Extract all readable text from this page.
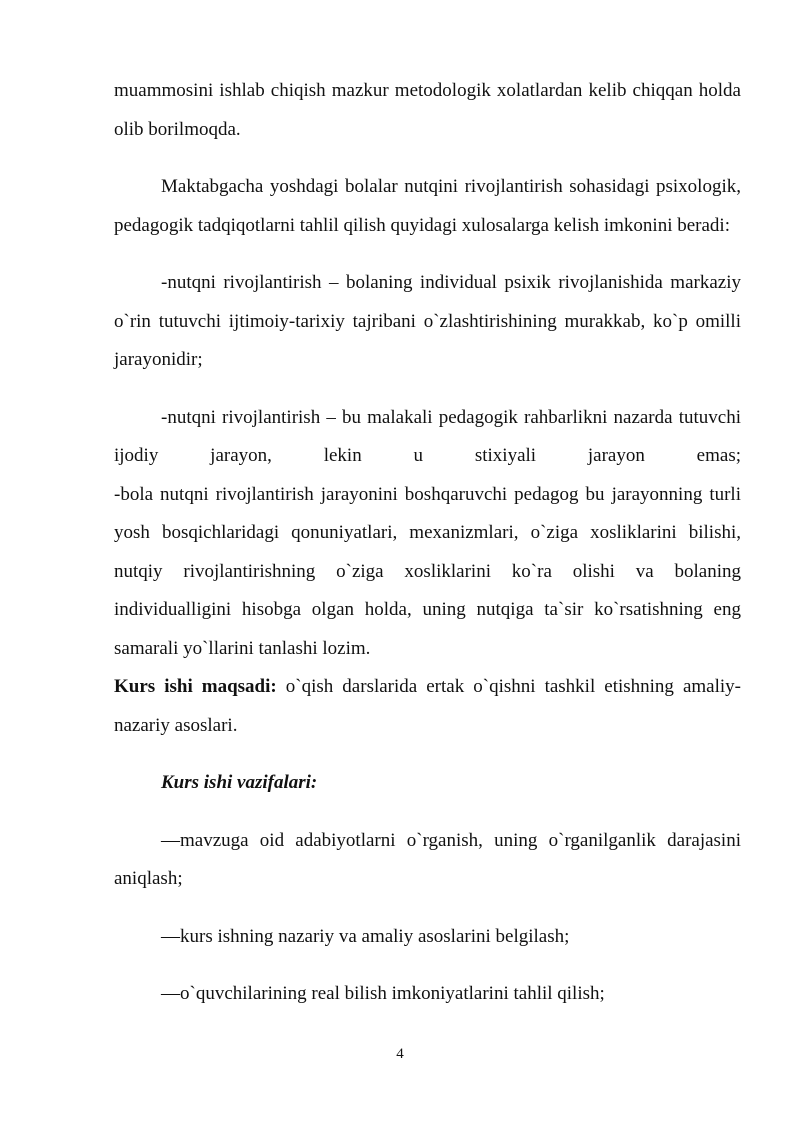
muammosini ishlab chiqish mazkur metodologik xolatlardan kelib chiqqan holda olib borilmoqda.

Maktabgacha yoshdagi bolalar nutqini rivojlantirish sohasidagi psixologik, pedagogik tadqiqotlarni tahlil qilish quyidagi xulosalarga kelish imkonini beradi:

-nutqni rivojlantirish – bolaning individual psixik rivojlanishida markaziy o`rin tutuvchi ijtimoiy-tarixiy tajribani o`zlashtirishining murakkab, ko`p omilli jarayonidir;

-nutqni rivojlantirish – bu malakali pedagogik rahbarlikni nazarda tutuvchi ijodiy jarayon, lekin u stixiyali jarayon emas;

-bola nutqni rivojlantirish jarayonini boshqaruvchi pedagog bu jarayonning turli yosh bosqichlaridagi qonuniyatlari, mexanizmlari, o`ziga xosliklarini bilishi, nutqiy rivojlantirishning o`ziga xosliklarini ko`ra olishi va bolaning individualligini hisobga olgan holda, uning nutqiga ta`sir ko`rsatishning eng samarali yo`llarini tanlashi lozim.

Kurs ishi maqsadi: o`qish darslarida ertak o`qishni tashkil etishning amaliy-nazariy asoslari.

Kurs ishi vazifalari:

—mavzuga oid adabiyotlarni o`rganish, uning o`rganilganlik darajasini aniqlash;

—kurs ishning nazariy va amaliy asoslarini belgilash;

—o`quvchilarining real bilish imkoniyatlarini tahlil qilish;

4
